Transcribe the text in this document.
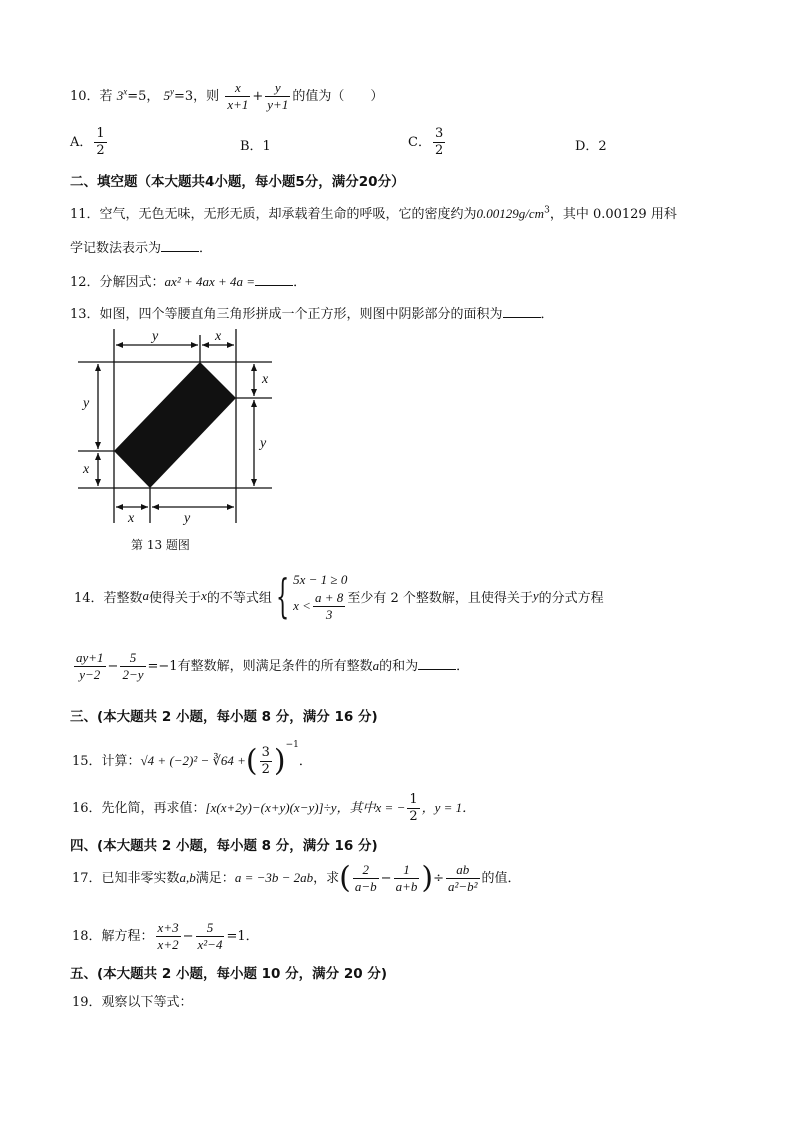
10．若 $3^x=5$， $5^y=3$，则 $\frac{x}{x+1} + \frac{y}{y+1}$ 的值为（　　）
A． $\frac{1}{2}$	B．1	C． $\frac{3}{2}$	D．2
二、填空题（本大题共4小题，每小题5分，满分20分）
11．空气，无色无味，无形无质，却承载着生命的呼吸，它的密度约为$0.00129g/cm^3$，其中 0.00129 用科
学记数法表示为	．
12．分解因式：ax² + 4ax + 4a =	．
13．如图，四个等腰直角三角形拼成一个正方形，则图中阴影部分的面积为	．
y	x
x
y
y
x
x	y
第 13 题图
14．若整数 a 使得关于 x 的不等式组 { 5x − 1 ≥ 0
$x < \frac{a + 8}{3}$ 至少有 2 个整数解，且使得关于 y 的分式方程
$\frac{ay+1}{y-2} - \frac{5}{2-y} =-1$有整数解，则满足条件的所有整数a的和为	．
三、(本大题共 2 小题，每小题 8 分，满分 16 分)
15．计算：√4 + (−2)² − ∛64 +( $\frac{3}{2} )^{-1}$．
16．先化简，再求值：[x(x+2y)−(x+y)(x−y)]÷y，其中x = − $\frac{1}{2}$ ，y = 1．
四、(本大题共 2 小题，每小题 8 分，满分 16 分)
17．已知非零实数a,b满足：a = −3b − 2ab，求( $\frac{2}{a-b} - \frac{1}{a+b}$ )÷ $\frac{ab}{\text{a²−b²}}$ 的值．
18．解方程： $\frac{x+3}{x+2} - \frac{5}{\text{x²−4}} =1$．
五、(本大题共 2 小题，每小题 10 分，满分 20 分)
19．观察以下等式：
